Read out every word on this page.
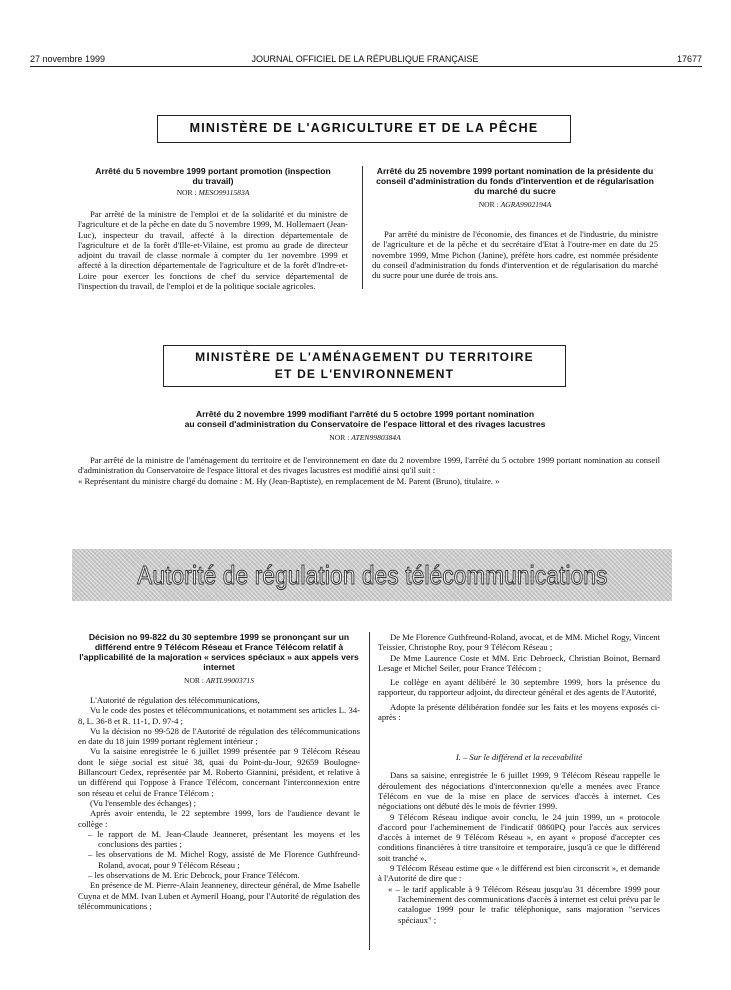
27 novembre 1999	JOURNAL OFFICIEL DE LA RÉPUBLIQUE FRANÇAISE	17677
MINISTÈRE DE L'AGRICULTURE ET DE LA PÊCHE
Arrêté du 5 novembre 1999 portant promotion (inspection du travail)
NOR : MESO9911583A

Par arrêté de la ministre de l'emploi et de la solidarité et du ministre de l'agriculture et de la pêche en date du 5 novembre 1999, M. Hollemaert (Jean-Luc), inspecteur du travail, affecté à la direction départementale de l'agriculture et de la forêt d'Ille-et-Vilaine, est promu au grade de directeur adjoint du travail de classe normale à compter du 1er novembre 1999 et affecté à la direction départementale de l'agriculture et de la forêt d'Indre-et-Loire pour exercer les fonctions de chef du service départemental de l'inspection du travail, de l'emploi et de la politique sociale agricoles.

Arrêté du 25 novembre 1999 portant nomination de la présidente du conseil d'administration du fonds d'intervention et de régularisation du marché du sucre
NOR : AGRA9902194A

Par arrêté du ministre de l'économie, des finances et de l'industrie, du ministre de l'agriculture et de la pêche et du secrétaire d'Etat à l'outre-mer en date du 25 novembre 1999, Mme Pichon (Janine), préfète hors cadre, est nommée présidente du conseil d'administration du fonds d'intervention et de régularisation du marché du sucre pour une durée de trois ans.

MINISTÈRE DE L'AMÉNAGEMENT DU TERRITOIRE
ET DE L'ENVIRONNEMENT
Arrêté du 2 novembre 1999 modifiant l'arrêté du 5 octobre 1999 portant nomination
au conseil d'administration du Conservatoire de l'espace littoral et des rivages lacustres
NOR : ATEN9980384A

Par arrêté de la ministre de l'aménagement du territoire et de l'environnement en date du 2 novembre 1999, l'arrêté du 5 octobre 1999 portant nomination au conseil d'administration du Conservatoire de l'espace littoral et des rivages lacustres est modifié ainsi qu'il suit :

« Représentant du ministre chargé du domaine : M. Hy (Jean-Baptiste), en remplacement de M. Parent (Bruno), titulaire. »

Autorité de régulation des télécommunications
Décision no 99-822 du 30 septembre 1999 se prononçant sur un différend entre 9 Télécom Réseau et France Télécom relatif à l'applicabilité de la majoration « services spéciaux » aux appels vers internet
NOR : ARTL9900371S

L'Autorité de régulation des télécommunications,

Vu le code des postes et télécommunications, et notamment ses articles L. 34-8, L. 36-8 et R. 11-1, D. 97-4 ;

Vu la décision no 99-528 de l'Autorité de régulation des télécommunications en date du 18 juin 1999 portant règlement intérieur ;

Vu la saisine enregistrée le 6 juillet 1999 présentée par 9 Télécom Réseau dont le siège social est situé 38, quai du Point-du-Jour, 92659 Boulogne-Billancourt Cedex, représentée par M. Roberto Giannini, président, et relative à un différend qui l'oppose à France Télécom, concernant l'interconnexion entre son réseau et celui de France Télécom ;

(Vu l'ensemble des échanges) ;

Après avoir entendu, le 22 septembre 1999, lors de l'audience devant le collège :

– le rapport de M. Jean-Claude Jeanneret, présentant les moyens et les conclusions des parties ;

– les observations de M. Michel Rogy, assisté de Me Florence Guthfreund-Roland, avocat, pour 9 Télécom Réseau ;

– les observations de M. Eric Debrock, pour France Télécom.

En présence de M. Pierre-Alain Jeanneney, directeur général, de Mme Isabelle Cuyna et de MM. Ivan Luben et Aymeril Hoang, pour l'Autorité de régulation des télécommunications ;

De Me Florence Guthfreund-Roland, avocat, et de MM. Michel Rogy, Vincent Teissier, Christophe Roy, pour 9 Télécom Réseau ;

De Mme Laurence Coste et MM. Eric Debroeck, Christian Boinot, Bernard Lesage et Michel Seiler, pour France Télécom ;

Le collège en ayant délibéré le 30 septembre 1999, hors la présence du rapporteur, du rapporteur adjoint, du directeur général et des agents de l'Autorité,

Adopte la présente délibération fondée sur les faits et les moyens exposés ci-après :

I. – Sur le différend et la recevabilité

Dans sa saisine, enregistrée le 6 juillet 1999, 9 Télécom Réseau rappelle le déroulement des négociations d'interconnexion qu'elle a menées avec France Télécom en vue de la mise en place de services d'accès à internet. Ces négociations ont débuté dès le mois de février 1999.

9 Télécom Réseau indique avoir conclu, le 24 juin 1999, un « protocole d'accord pour l'acheminement de l'indicatif 0860PQ pour l'accès aux services d'accès à internet de 9 Télécom Réseau », en ayant « proposé d'accepter ces conditions financières à titre transitoire et temporaire, jusqu'à ce que le différend soit tranché ».

9 Télécom Réseau estime que « le différend est bien circonscrit », et demande à l'Autorité de dire que :

« – le tarif applicable à 9 Télécom Réseau jusqu'au 31 décembre 1999 pour l'acheminement des communications d'accès à internet est celui prévu par le catalogue 1999 pour le trafic téléphonique, sans majoration "services spéciaux" ;
